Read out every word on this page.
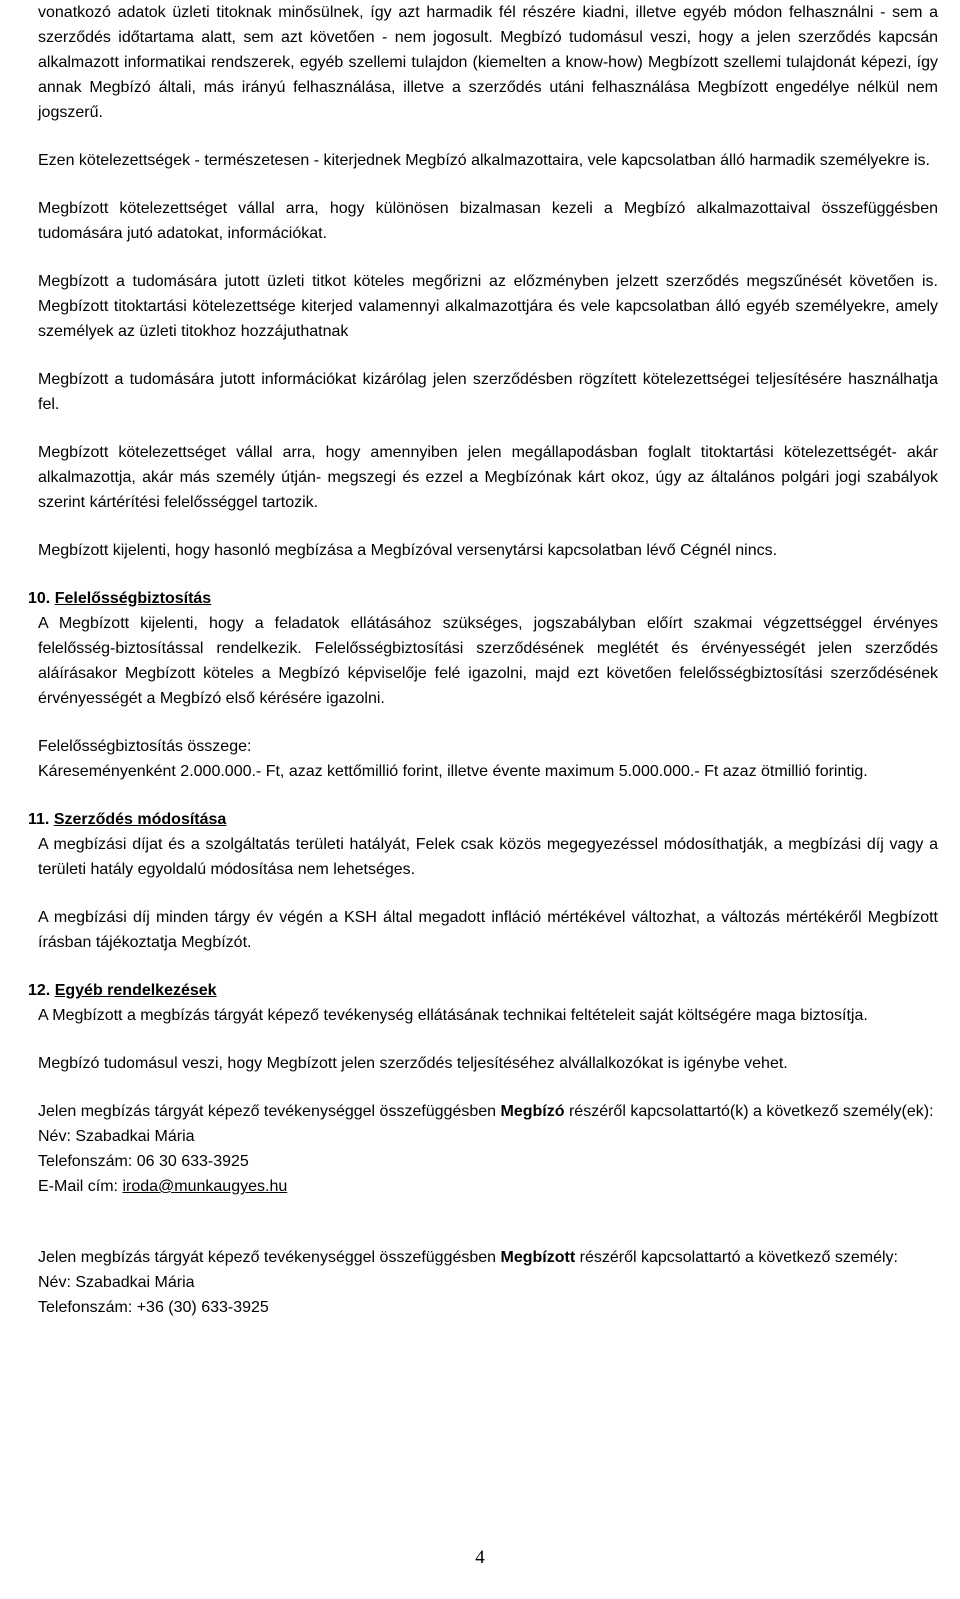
vonatkozó adatok üzleti titoknak minősülnek, így azt harmadik fél részére kiadni, illetve egyéb módon felhasználni - sem a szerződés időtartama alatt, sem azt követően - nem jogosult. Megbízó tudomásul veszi, hogy a jelen szerződés kapcsán alkalmazott informatikai rendszerek, egyéb szellemi tulajdon (kiemelten a know-how) Megbízott szellemi tulajdonát képezi, így annak Megbízó általi, más irányú felhasználása, illetve a szerződés utáni felhasználása Megbízott engedélye nélkül nem jogszerű.

Ezen kötelezettségek - természetesen - kiterjednek Megbízó alkalmazottaira, vele kapcsolatban álló harmadik személyekre is.

Megbízott kötelezettséget vállal arra, hogy különösen bizalmasan kezeli a Megbízó alkalmazottaival összefüggésben tudomására jutó adatokat, információkat.

Megbízott a tudomására jutott üzleti titkot köteles megőrizni az előzményben jelzett szerződés megszűnését követően is. Megbízott titoktartási kötelezettsége kiterjed valamennyi alkalmazottjára és vele kapcsolatban álló egyéb személyekre, amely személyek az üzleti titokhoz hozzájuthatnak

Megbízott a tudomására jutott információkat kizárólag jelen szerződésben rögzített kötelezettségei teljesítésére használhatja fel.

Megbízott kötelezettséget vállal arra, hogy amennyiben jelen megállapodásban foglalt titoktartási kötelezettségét- akár alkalmazottja, akár más személy útján- megszegi és ezzel a Megbízónak kárt okoz, úgy az általános polgári jogi szabályok szerint kártérítési felelősséggel tartozik.

Megbízott kijelenti, hogy hasonló megbízása a Megbízóval versenytársi kapcsolatban lévő Cégnél nincs.

10. Felelősségbiztosítás

A Megbízott kijelenti, hogy a feladatok ellátásához szükséges, jogszabályban előírt szakmai végzettséggel érvényes felelősség-biztosítással rendelkezik. Felelősségbiztosítási szerződésének meglétét és érvényességét jelen szerződés aláírásakor Megbízott köteles a Megbízó képviselője felé igazolni, majd ezt követően felelősségbiztosítási szerződésének érvényességét a Megbízó első kérésére igazolni.

Felelősségbiztosítás összege:

Káreseményenként 2.000.000.- Ft, azaz kettőmillió forint, illetve évente maximum 5.000.000.- Ft azaz ötmillió forintig.

11. Szerződés módosítása

A megbízási díjat és a szolgáltatás területi hatályát, Felek csak közös megegyezéssel módosíthatják, a megbízási díj vagy a területi hatály egyoldalú módosítása nem lehetséges.

A megbízási díj minden tárgy év végén a KSH által megadott infláció mértékével változhat, a változás mértékéről Megbízott írásban tájékoztatja Megbízót.

12. Egyéb rendelkezések

A Megbízott a megbízás tárgyát képező tevékenység ellátásának technikai feltételeit saját költségére maga biztosítja.

Megbízó tudomásul veszi, hogy Megbízott jelen szerződés teljesítéséhez alvállalkozókat is igénybe vehet.

Jelen megbízás tárgyát képező tevékenységgel összefüggésben Megbízó részéről kapcsolattartó(k) a következő személy(ek):

Név: Szabadkai Mária
Telefonszám: 06 30 633-3925
E-Mail cím: iroda@munkaugyes.hu

Jelen megbízás tárgyát képező tevékenységgel összefüggésben Megbízott részéről kapcsolattartó a következő személy:

Név: Szabadkai Mária
Telefonszám: +36 (30) 633-3925
4
